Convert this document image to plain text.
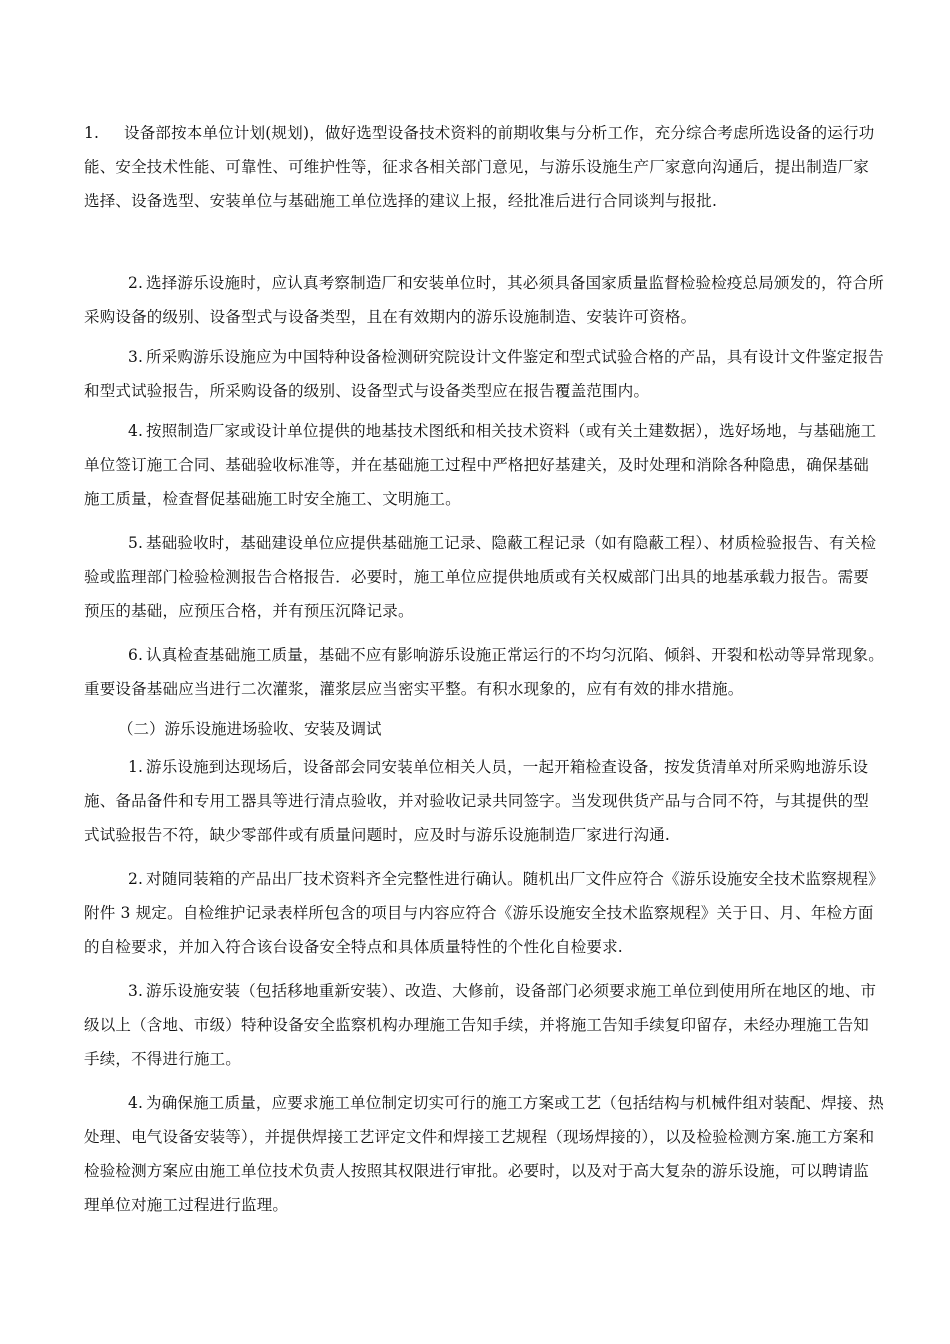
1. 设备部按本单位计划(规划)，做好选型设备技术资料的前期收集与分析工作，充分综合考虑所选设备的运行功能、安全技术性能、可靠性、可维护性等，征求各相关部门意见，与游乐设施生产厂家意向沟通后，提出制造厂家选择、设备选型、安装单位与基础施工单位选择的建议上报，经批准后进行合同谈判与报批.

2. 选择游乐设施时，应认真考察制造厂和安装单位时，其必须具备国家质量监督检验检疫总局颁发的，符合所采购设备的级别、设备型式与设备类型，且在有效期内的游乐设施制造、安装许可资格。

3. 所采购游乐设施应为中国特种设备检测研究院设计文件鉴定和型式试验合格的产品，具有设计文件鉴定报告和型式试验报告，所采购设备的级别、设备型式与设备类型应在报告覆盖范围内。

4. 按照制造厂家或设计单位提供的地基技术图纸和相关技术资料（或有关土建数据），选好场地，与基础施工单位签订施工合同、基础验收标准等，并在基础施工过程中严格把好基建关，及时处理和消除各种隐患，确保基础施工质量，检查督促基础施工时安全施工、文明施工。

5. 基础验收时，基础建设单位应提供基础施工记录、隐蔽工程记录（如有隐蔽工程）、材质检验报告、有关检验或监理部门检验检测报告合格报告．必要时，施工单位应提供地质或有关权威部门出具的地基承载力报告。需要预压的基础，应预压合格，并有预压沉降记录。

6. 认真检查基础施工质量，基础不应有影响游乐设施正常运行的不均匀沉陷、倾斜、开裂和松动等异常现象。重要设备基础应当进行二次灌浆，灌浆层应当密实平整。有积水现象的，应有有效的排水措施。

（二）游乐设施进场验收、安装及调试

1. 游乐设施到达现场后，设备部会同安装单位相关人员，一起开箱检查设备，按发货清单对所采购地游乐设施、备品备件和专用工器具等进行清点验收，并对验收记录共同签字。当发现供货产品与合同不符，与其提供的型式试验报告不符，缺少零部件或有质量问题时，应及时与游乐设施制造厂家进行沟通.

2. 对随同装箱的产品出厂技术资料齐全完整性进行确认。随机出厂文件应符合《游乐设施安全技术监察规程》附件 3 规定。自检维护记录表样所包含的项目与内容应符合《游乐设施安全技术监察规程》关于日、月、年检方面的自检要求，并加入符合该台设备安全特点和具体质量特性的个性化自检要求.

3. 游乐设施安装（包括移地重新安装）、改造、大修前，设备部门必须要求施工单位到使用所在地区的地、市级以上（含地、市级）特种设备安全监察机构办理施工告知手续，并将施工告知手续复印留存，未经办理施工告知手续，不得进行施工。

4. 为确保施工质量，应要求施工单位制定切实可行的施工方案或工艺（包括结构与机械件组对装配、焊接、热处理、电气设备安装等），并提供焊接工艺评定文件和焊接工艺规程（现场焊接的），以及检验检测方案.施工方案和检验检测方案应由施工单位技术负责人按照其权限进行审批。必要时，以及对于高大复杂的游乐设施，可以聘请监理单位对施工过程进行监理。
